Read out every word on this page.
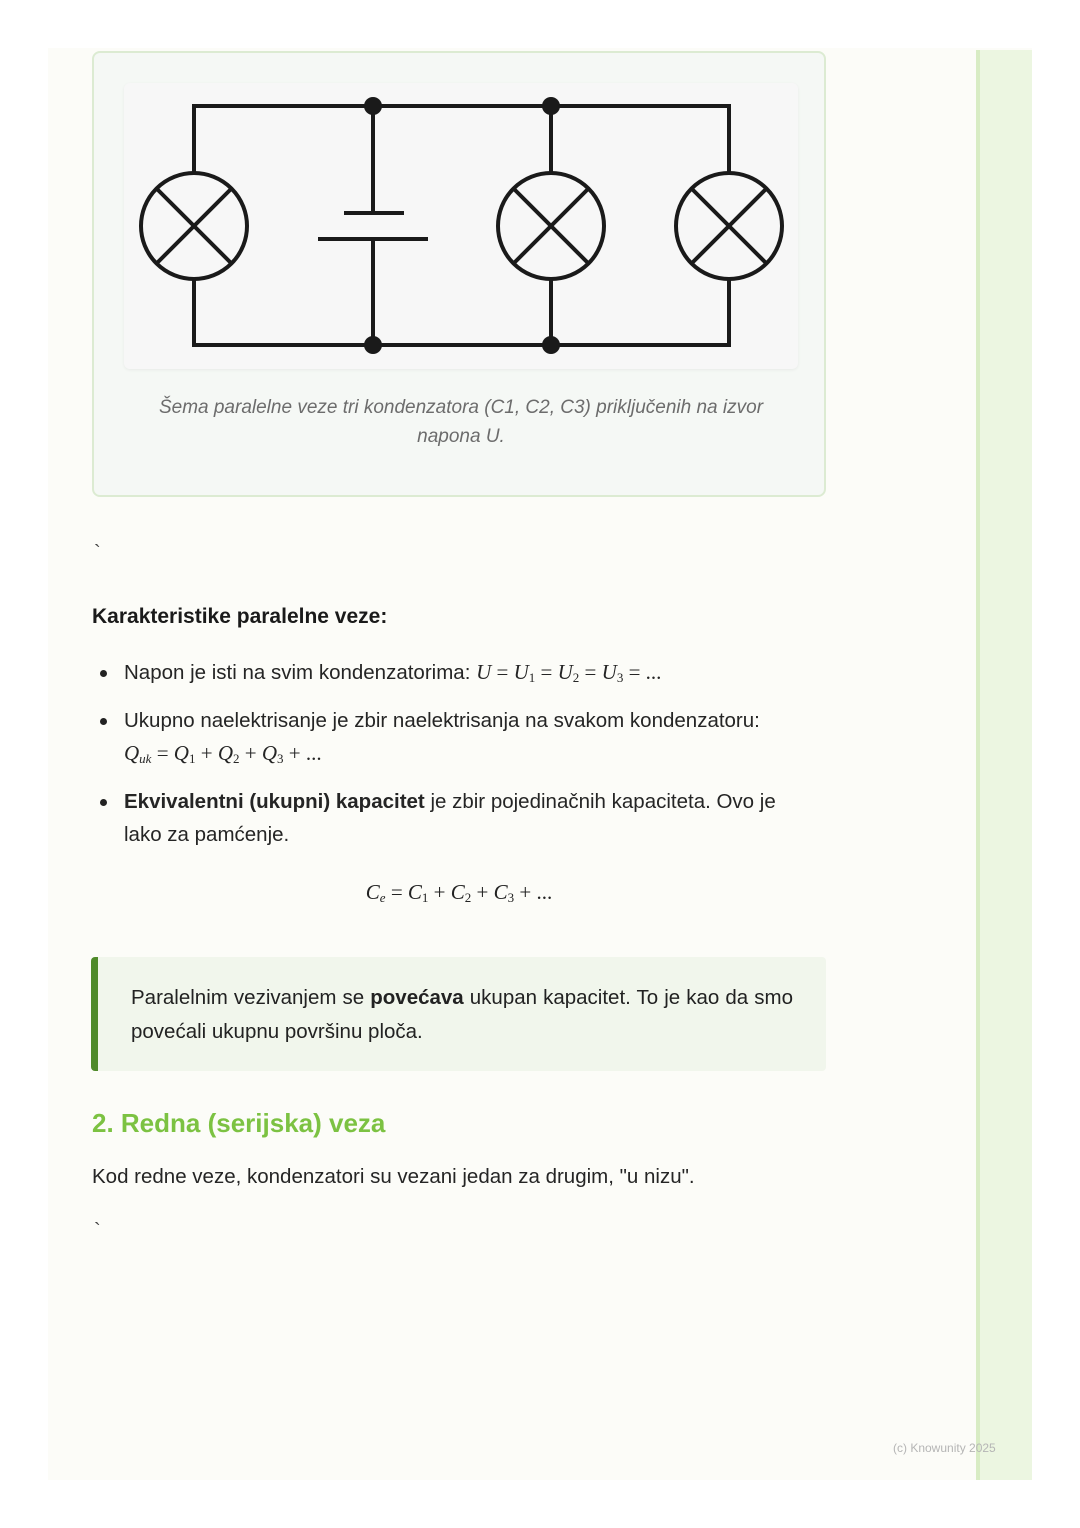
Šema paralelne veze tri kondenzatora (C1, C2, C3) priključenih na izvor napona U.
`
Karakteristike paralelne veze:
Napon je isti na svim kondenzatorima: $U = U_1 = U_2 = U_3$ = ...
Ukupno naelektrisanje je zbir naelektrisanja na svakom kondenzatoru:
$Q_{uk} = Q_1 + Q_2 + Q_3$ + ...
Ekvivalentni (ukupni) kapacitet je zbir pojedinačnih kapaciteta. Ovo je lako za pamćenje.
$C_e = C_1 + C_2 + C_3$ + ...
Paralelnim vezivanjem se povećava ukupan kapacitet. To je kao da smo povećali ukupnu površinu ploča.
2. Redna (serijska) veza
Kod redne veze, kondenzatori su vezani jedan za drugim, "u nizu".
`
(c) Knowunity 2025
